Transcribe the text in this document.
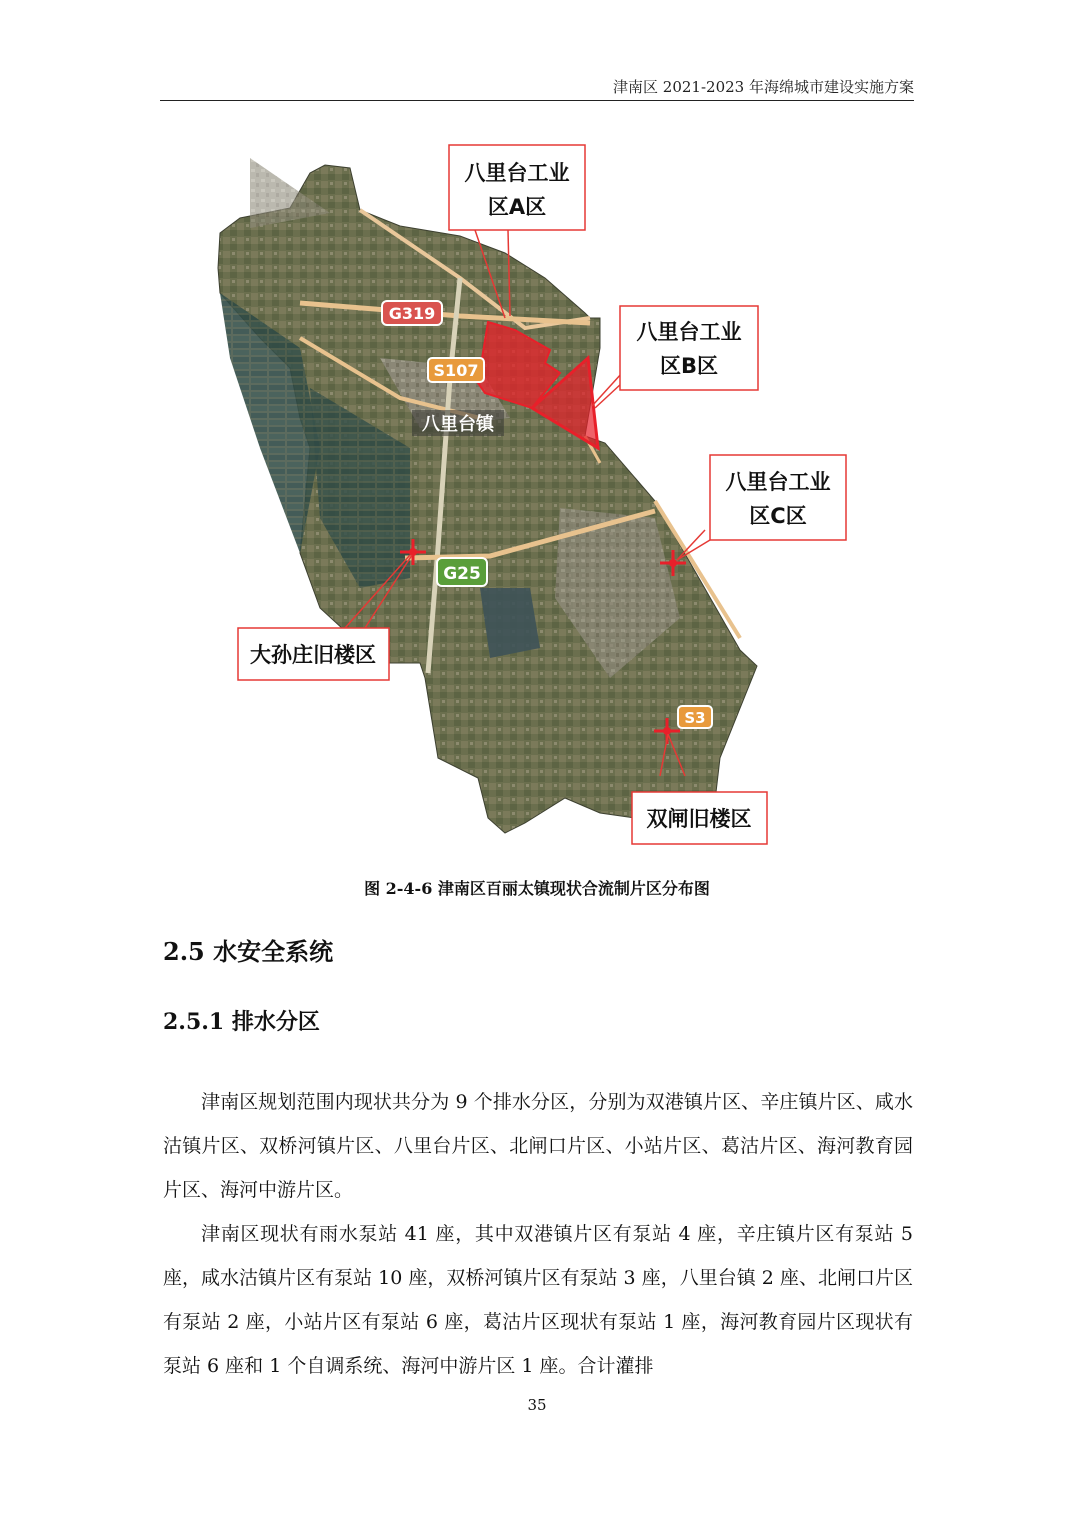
津南区 2021-2023 年海绵城市建设实施方案
G319
S107
G25
S3
八里台镇
八里台工业
区A区
八里台工业
区B区
八里台工业
区C区
大孙庄旧楼区
双闸旧楼区
图 2-4-6 津南区百丽太镇现状合流制片区分布图
2.5 水安全系统
2.5.1 排水分区

津南区规划范围内现状共分为 9 个排水分区，分别为双港镇片区、辛庄镇片区、咸水沽镇片区、双桥河镇片区、八里台片区、北闸口片区、小站片区、葛沽片区、海河教育园片区、海河中游片区。

津南区现状有雨水泵站 41 座，其中双港镇片区有泵站 4 座，辛庄镇片区有泵站 5 座，咸水沽镇片区有泵站 10 座，双桥河镇片区有泵站 3 座，八里台镇 2 座、北闸口片区有泵站 2 座，小站片区有泵站 6 座，葛沽片区现状有泵站 1 座，海河教育园片区现状有泵站 6 座和 1 个自调系统、海河中游片区 1 座。合计灌排

35
